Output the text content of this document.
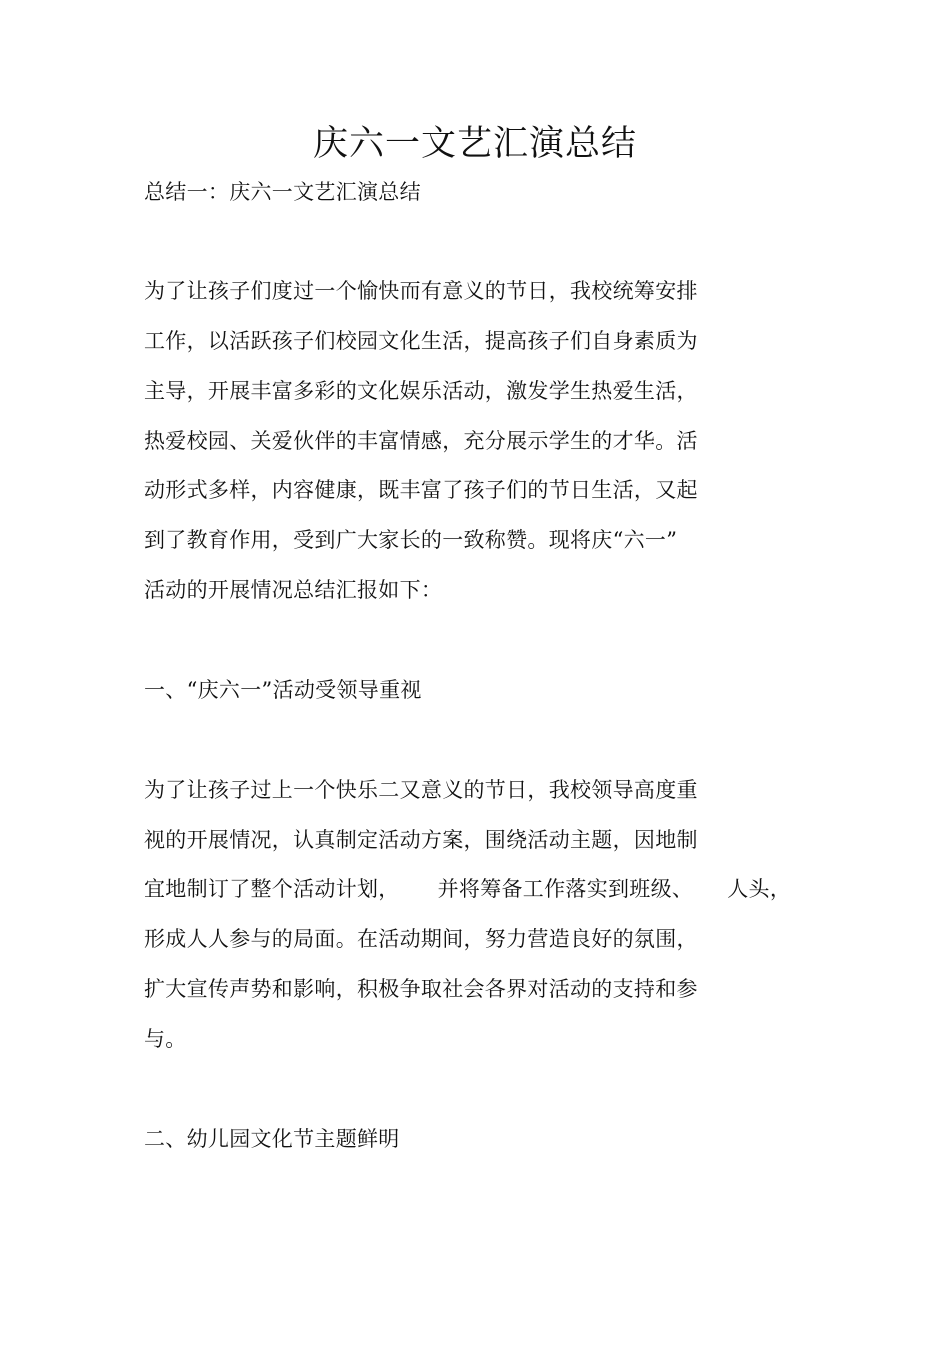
庆六一文艺汇演总结
总结一：庆六一文艺汇演总结
为了让孩子们度过一个愉快而有意义的节日，我校统筹安排
工作，以活跃孩子们校园文化生活，提高孩子们自身素质为
主导，开展丰富多彩的文化娱乐活动，激发学生热爱生活，
热爱校园、关爱伙伴的丰富情感，充分展示学生的才华。活
动形式多样，内容健康，既丰富了孩子们的节日生活，又起
到了教育作用，受到广大家长的一致称赞。现将庆“六一”
活动的开展情况总结汇报如下：
一、“庆六一”活动受领导重视
为了让孩子过上一个快乐二又意义的节日，我校领导高度重
视的开展情况，认真制定活动方案，围绕活动主题，因地制
宜地制订了整个活动计划， 并将筹备工作落实到班级、 人头，
形成人人参与的局面。在活动期间，努力营造良好的氛围，
扩大宣传声势和影响，积极争取社会各界对活动的支持和参
与。
二、幼儿园文化节主题鲜明
